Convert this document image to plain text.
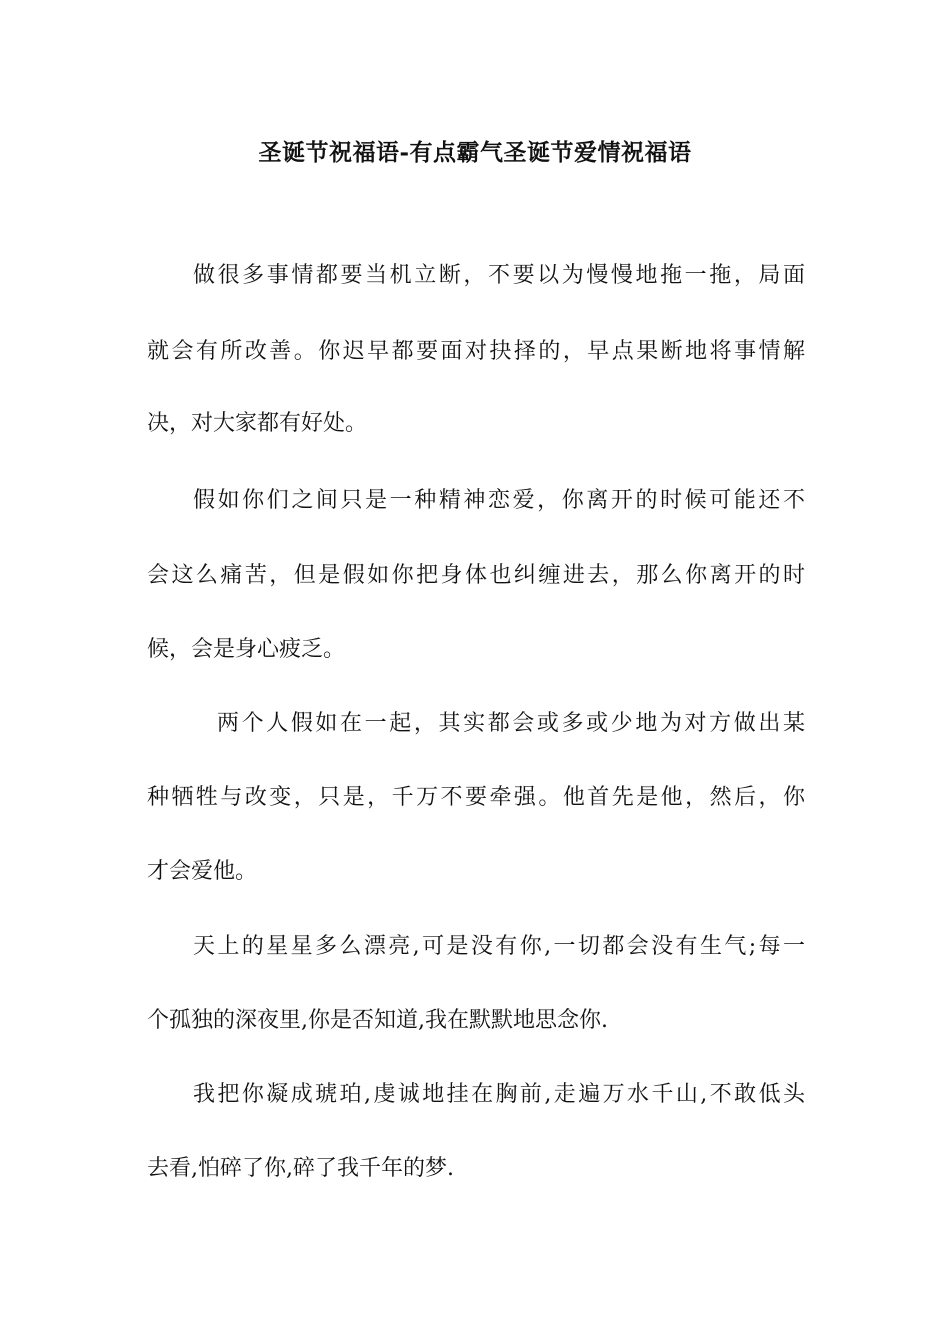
圣诞节祝福语-有点霸气圣诞节爱情祝福语
做很多事情都要当机立断，不要以为慢慢地拖一拖，局面
就会有所改善。你迟早都要面对抉择的，早点果断地将事情解
决，对大家都有好处。
假如你们之间只是一种精神恋爱，你离开的时候可能还不
会这么痛苦，但是假如你把身体也纠缠进去，那么你离开的时
候，会是身心疲乏。
两个人假如在一起，其实都会或多或少地为对方做出某
种牺牲与改变，只是，千万不要牵强。他首先是他，然后，你
才会爱他。
天上的星星多么漂亮,可是没有你,一切都会没有生气;每一
个孤独的深夜里,你是否知道,我在默默地思念你.
我把你凝成琥珀,虔诚地挂在胸前,走遍万水千山,不敢低头
去看,怕碎了你,碎了我千年的梦.
